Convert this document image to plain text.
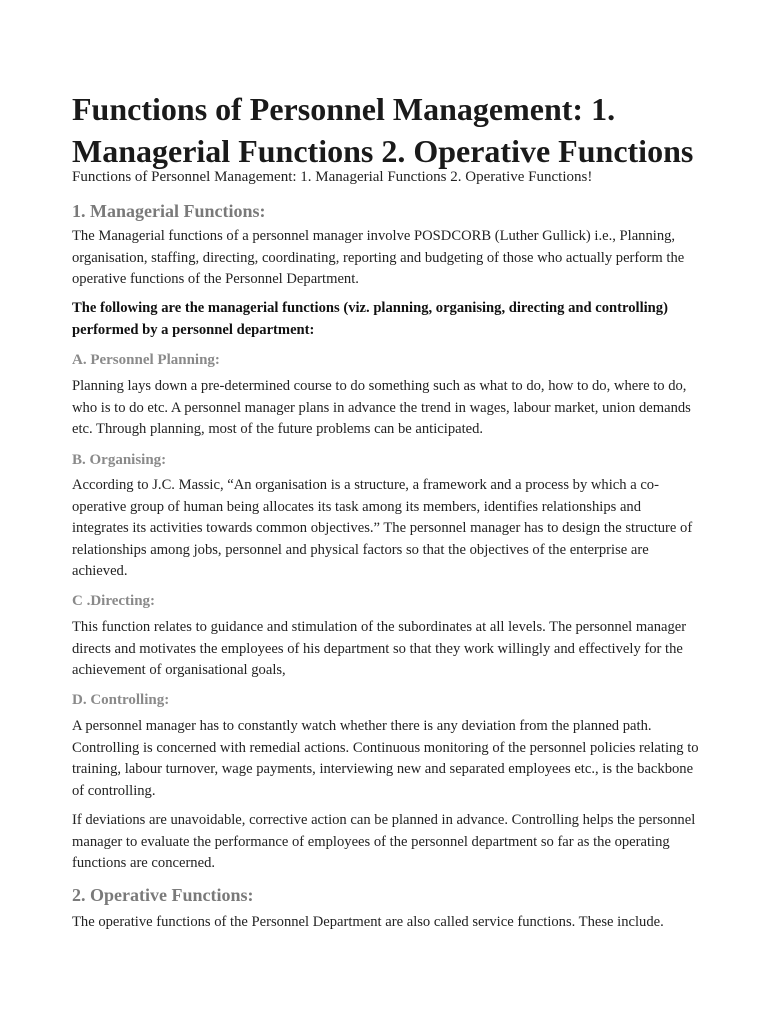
Functions of Personnel Management: 1. Managerial Functions 2. Operative Functions

Functions of Personnel Management: 1. Managerial Functions 2. Operative Functions!

1. Managerial Functions:

The Managerial functions of a personnel manager involve POSDCORB (Luther Gullick) i.e., Planning, organisation, staffing, directing, coordinating, reporting and budgeting of those who actually perform the operative functions of the Personnel Department.

The following are the managerial functions (viz. planning, organising, directing and controlling) performed by a personnel department:

A. Personnel Planning:

Planning lays down a pre-determined course to do something such as what to do, how to do, where to do, who is to do etc. A personnel manager plans in advance the trend in wages, labour market, union demands etc. Through planning, most of the future problems can be anticipated.

B. Organising:

According to J.C. Massic, “An organisation is a structure, a framework and a process by which a co-operative group of human being allocates its task among its members, identifies relationships and integrates its activities towards common objectives.” The personnel manager has to design the structure of relationships among jobs, personnel and physical factors so that the objectives of the enterprise are achieved.

C .Directing:

This function relates to guidance and stimulation of the subordinates at all levels. The personnel manager directs and motivates the employees of his department so that they work willingly and effectively for the achievement of organisational goals,

D. Controlling:

A personnel manager has to constantly watch whether there is any deviation from the planned path. Controlling is concerned with remedial actions. Continuous monitoring of the personnel policies relating to training, labour turnover, wage payments, interviewing new and separated employees etc., is the backbone of controlling.

If deviations are unavoidable, corrective action can be planned in advance. Controlling helps the personnel manager to evaluate the performance of employees of the personnel department so far as the operating functions are concerned.

2. Operative Functions:

The operative functions of the Personnel Department are also called service functions. These include.
